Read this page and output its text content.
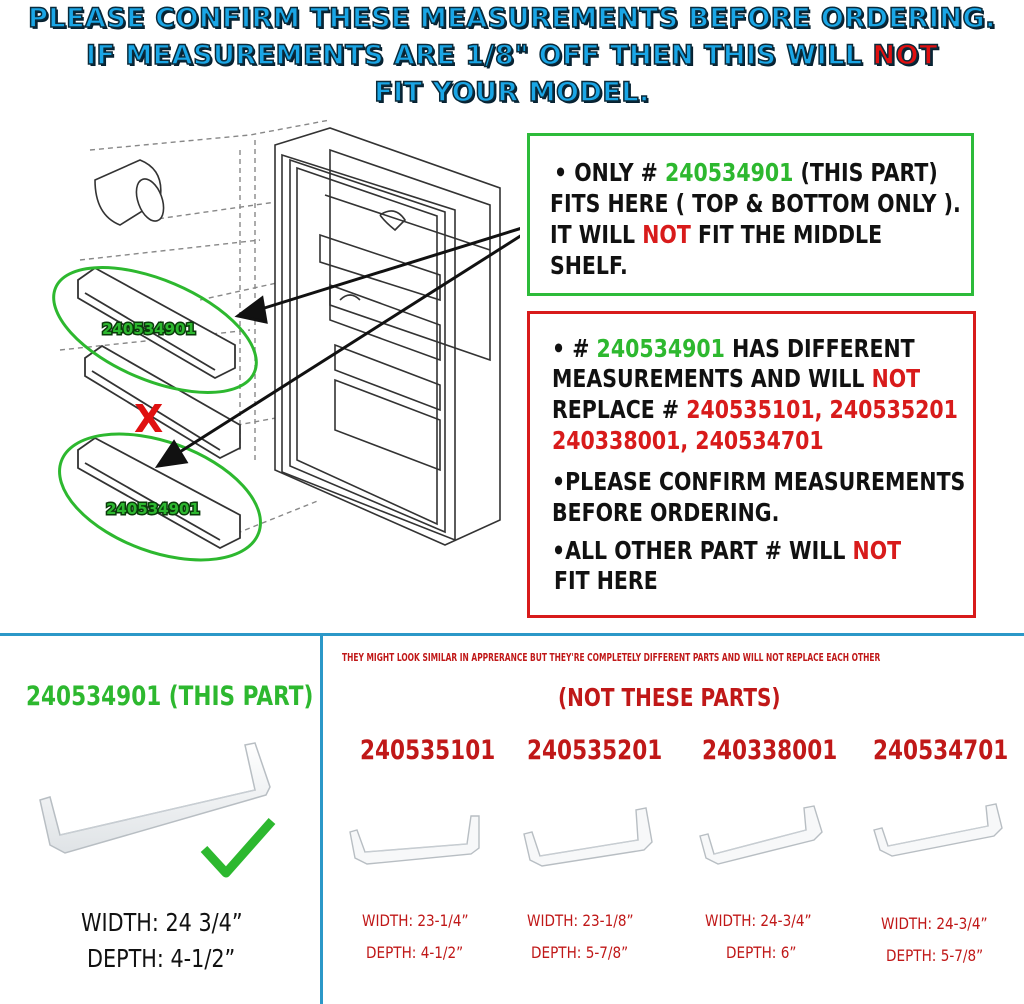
PLEASE CONFIRM THESE MEASUREMENTS BEFORE ORDERING.
IF MEASUREMENTS ARE 1/8" OFF THEN THIS WILL NOT
FIT YOUR MODEL.
240534901
240534901
X
• ONLY # 240534901 (THIS PART)
FITS HERE ( TOP & BOTTOM ONLY ).
IT WILL NOT FIT THE MIDDLE
SHELF.
• # 240534901 HAS DIFFERENT
MEASUREMENTS AND WILL NOT
REPLACE # 240535101, 240535201
240338001, 240534701
•PLEASE CONFIRM MEASUREMENTS
BEFORE ORDERING.
•ALL OTHER PART # WILL NOT
FIT HERE
240534901 (THIS PART)
WIDTH: 24 3/4”
DEPTH: 4-1/2”
THEY MIGHT LOOK SIMILAR IN APPRERANCE BUT THEY'RE COMPLETELY DIFFERENT PARTS AND WILL NOT REPLACE EACH OTHER
(NOT THESE PARTS)
240535101
WIDTH: 23-1/4”
DEPTH: 4-1/2”
240535201
WIDTH: 23-1/8”
DEPTH: 5-7/8”
240338001
WIDTH: 24-3/4”
DEPTH: 6”
240534701
WIDTH: 24-3/4”
DEPTH: 5-7/8”
